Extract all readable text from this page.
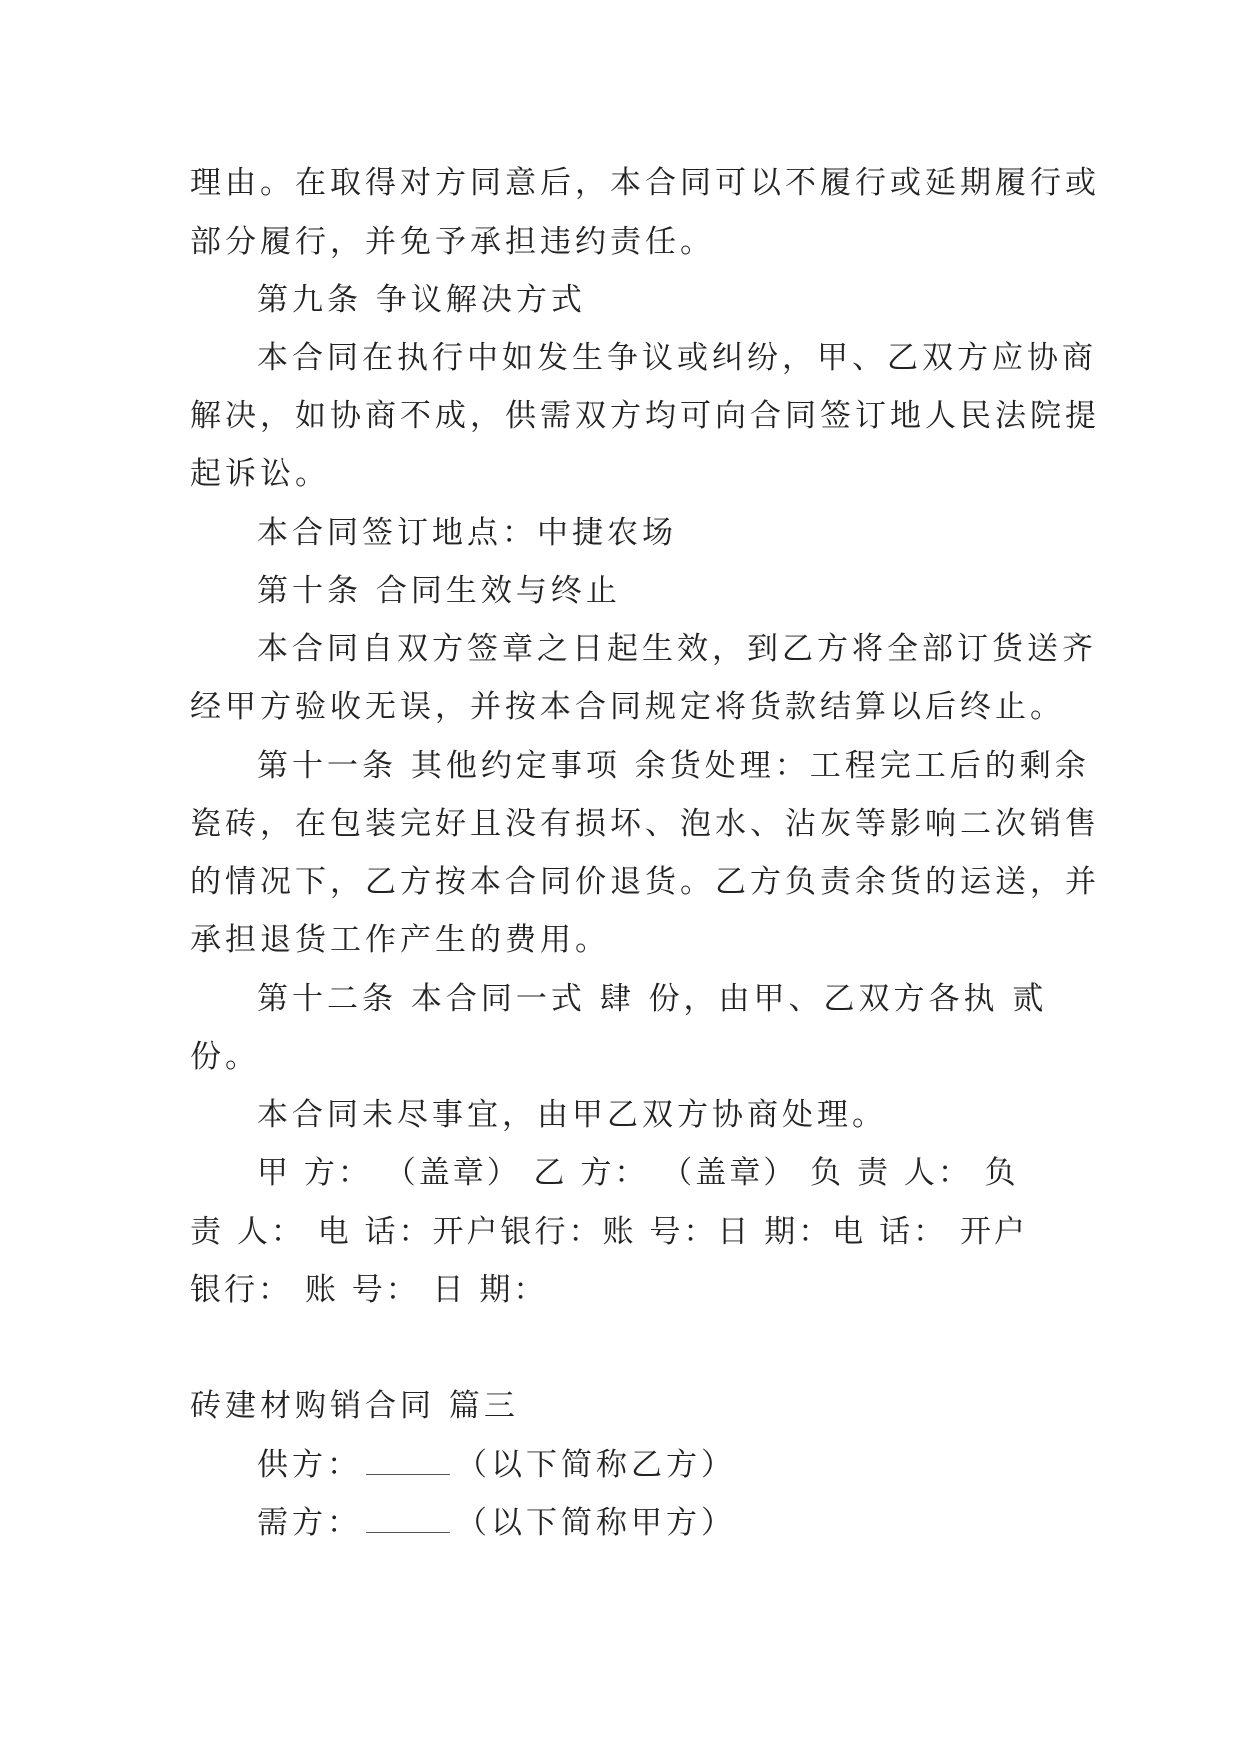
理由。在取得对方同意后，本合同可以不履行或延期履行或
部分履行，并免予承担违约责任。
第九条 争议解决方式
本合同在执行中如发生争议或纠纷，甲、乙双方应协商
解决，如协商不成，供需双方均可向合同签订地人民法院提
起诉讼。
本合同签订地点：中捷农场
第十条 合同生效与终止
本合同自双方签章之日起生效，到乙方将全部订货送齐
经甲方验收无误，并按本合同规定将货款结算以后终止。
第十一条 其他约定事项 余货处理：工程完工后的剩余
瓷砖，在包装完好且没有损坏、泡水、沾灰等影响二次销售
的情况下，乙方按本合同价退货。乙方负责余货的运送，并
承担退货工作产生的费用。
第十二条 本合同一式 肆 份，由甲、乙双方各执 贰
份。
本合同未尽事宜，由甲乙双方协商处理。
甲 方： （盖章） 乙 方： （盖章） 负 责 人： 负
责 人： 电 话：开户银行：账 号：日 期：电 话： 开户
银行： 账 号： 日 期：
砖建材购销合同 篇三
供方：	（以下简称乙方）
需方：	（以下简称甲方）
